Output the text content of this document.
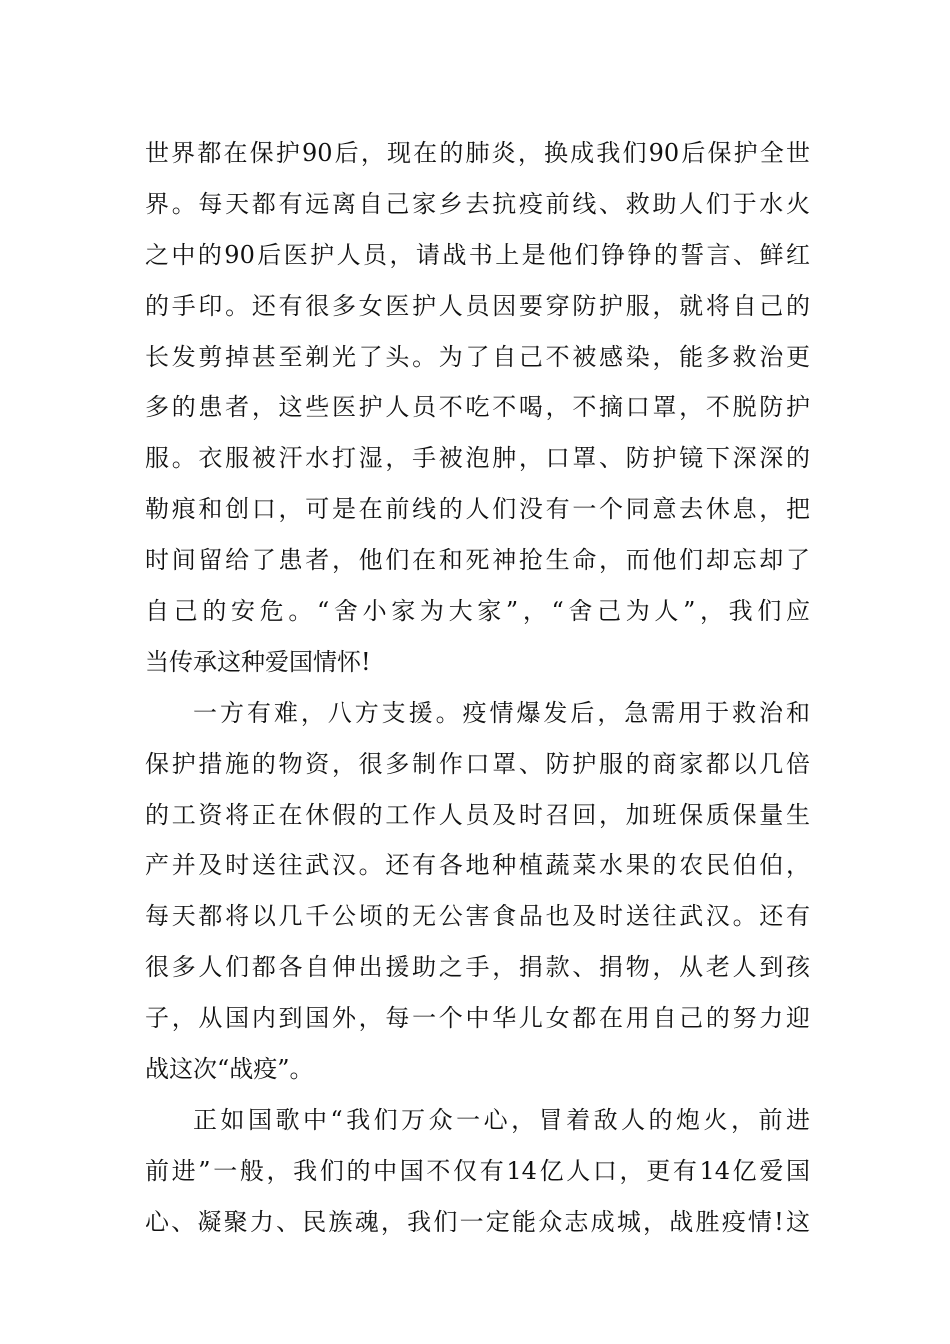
世界都在保护90后，现在的肺炎，换成我们90后保护全世
界。每天都有远离自己家乡去抗疫前线、救助人们于水火
之中的90后医护人员，请战书上是他们铮铮的誓言、鲜红
的手印。还有很多女医护人员因要穿防护服，就将自己的
长发剪掉甚至剃光了头。为了自己不被感染，能多救治更
多的患者，这些医护人员不吃不喝，不摘口罩，不脱防护
服。衣服被汗水打湿，手被泡肿，口罩、防护镜下深深的
勒痕和创口，可是在前线的人们没有一个同意去休息，把
时间留给了患者，他们在和死神抢生命，而他们却忘却了
自己的安危。“舍小家为大家”，“舍己为人”，我们应
当传承这种爱国情怀!
一方有难，八方支援。疫情爆发后，急需用于救治和
保护措施的物资，很多制作口罩、防护服的商家都以几倍
的工资将正在休假的工作人员及时召回，加班保质保量生
产并及时送往武汉。还有各地种植蔬菜水果的农民伯伯，
每天都将以几千公顷的无公害食品也及时送往武汉。还有
很多人们都各自伸出援助之手，捐款、捐物，从老人到孩
子，从国内到国外，每一个中华儿女都在用自己的努力迎
战这次“战疫”。
正如国歌中“我们万众一心，冒着敌人的炮火，前进
前进”一般，我们的中国不仅有14亿人口，更有14亿爱国
心、凝聚力、民族魂，我们一定能众志成城，战胜疫情!这
